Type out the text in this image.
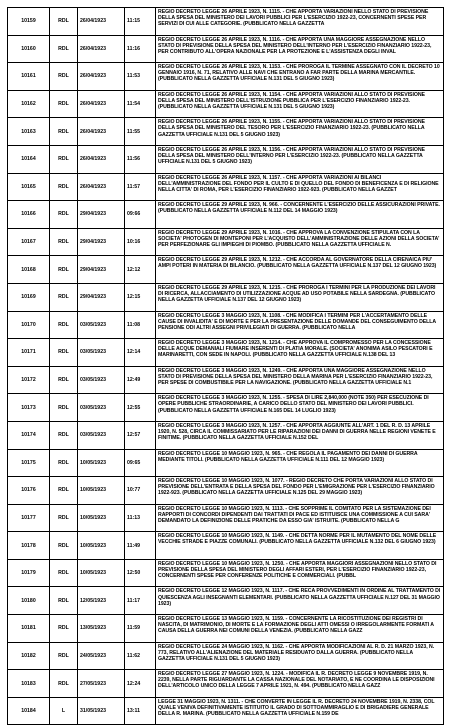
10159	RDL	26/04/1923	11:15	REGIO DECRETO LEGGE 26 APRILE 1923, N. 1115. - CHE APPORTA VARIAZIONI NELLO STATO DI PREVISIONE DELLA SPESA DEL MINISTERO DEI LAVORI PUBBLICI PER L'ESERCIZIO 1922-23, CONCERNENTI SPESE PER SERVIZI DI CUI ALLE CATEGORIE. (PUBBLICATO NELLA GAZZETTA
10160	RDL	26/04/1923	11:16	REGIO DECRETO LEGGE 26 APRILE 1923, N. 1116. - CHE APPORTA UNA MAGGIORE ASSEGNAZIONE NELLO STATO DI PREVISIONE DELLA SPESA DEL MINISTERO DELL'INTERNO PER L'ESERCIZIO FINANZIARIO 1922-23, PER CONTRIBUTO ALL'OPERA NAZIONALE PER LA PROTEZIONE E L'ASSISTENZA DEGLI INVAL
10161	RDL	26/04/1923	11:53	REGIO DECRETO LEGGE 26 APRILE 1923, N. 1153. - CHE PROROGA IL TERMINE ASSEGNATO CON IL DECRETO 10 GENNAIO 1916, N. 71, RELATIVO ALLE NAVI CHE ENTRANO A FAR PARTE DELLA MARINA MERCANTILE. (PUBBLICATO NELLA GAZZETTA UFFICIALE N.131 DEL 5 GIUGNO 1923)
10162	RDL	26/04/1923	11:54	REGIO DECRETO LEGGE 26 APRILE 1923, N. 1154. - CHE APPORTA VARIAZIONI ALLO STATO DI PREVISIONE DELLA SPESA DEL MINISTERO DELL'ISTRUZIONE PUBBLICA PER L'ESERCIZIO FINANZIARIO 1922-23. (PUBBLICATO NELLA GAZZETTA UFFICIALE N.131 DEL 5 GIUGNO 1923)
10163	RDL	26/04/1923	11:55	REGIO DECRETO LEGGE 26 APRILE 1923, N. 1155. - CHE APPORTA VARIAZIONI ALLO STATO DI PREVISIONE DELLA SPESA DEL MINISTERO DEL TESORO PER L'ESERCIZIO FINANZIARIO 1922-23. (PUBBLICATO NELLA GAZZETTA UFFICIALE N.131 DEL 5 GIUGNO 1923)
10164	RDL	26/04/1923	11:56	REGIO DECRETO LEGGE 26 APRILE 1923, N. 1156. - CHE APPORTA VARIAZIONI ALLO STATO DI PREVISIONE DELLA SPESA DEL MINISTERO DELL'INTERNO PER L'ESERCIZIO 1922-23. (PUBBLICATO NELLA GAZZETTA UFFICIALE N.131 DEL 5 GIUGNO 1923)
10165	RDL	26/04/1923	11:57	REGIO DECRETO LEGGE 26 APRILE 1923, N. 1157. - CHE APPORTA VARIAZIONI AI BILANCI DELL'AMMINISTRAZIONE DEL FONDO PER IL CULTO E DI QUELLO DEL FONDO DI BENEFICENZA E DI RELIGIONE NELLA CITTA' DI ROMA, PER L'ESERCIZIO FINANZIARIO 1922-923. (PUBBLICATO NELLA GAZZET
10166	RDL	29/04/1923	09:66	REGIO DECRETO LEGGE 29 APRILE 1923, N. 966. - CONCERNENTE L'ESERCIZIO DELLE ASSICURAZIONI PRIVATE. (PUBBLICATO NELLA GAZZETTA UFFICIALE N.112 DEL 14 MAGGIO 1923)
10167	RDL	29/04/1923	10:16	REGIO DECRETO LEGGE 29 APRILE 1923, N. 1016. - CHE APPROVA LA CONVENZIONE STIPULATA CON LA SOCIETA' PHOTOGEN DI MONTEPONI PER L'ACQUISTO DELL'AMMINISTRAZIONE DELLE AZIONI DELLA SOCIETA' PER PERFEZIONARE GLI IMPIEGHI DI PIOMBO. (PUBBLICATO NELLA GAZZETTA UFFICIALE N.
10168	RDL	29/04/1923	12:12	REGIO DECRETO LEGGE 29 APRILE 1923, N. 1212. - CHE ACCORDA AL GOVERNATORE DELLA CIRENAICA PIU' AMPI POTERI IN MATERIA DI BILANCIO. (PUBBLICATO NELLA GAZZETTA UFFICIALE N.137 DEL 12 GIUGNO 1923)
10169	RDL	29/04/1923	12:15	REGIO DECRETO LEGGE 29 APRILE 1923, N. 1215. - CHE PROROGA I TERMINI PER LA PRODUZIONE DEI LAVORI DI RICERCA, ALLACCIAMENTO DI UTILIZZAZIONE ACQUE AD USO POTABILE NELLA SARDEGNA. (PUBBLICATO NELLA GAZZETTA UFFICIALE N.137 DEL 12 GIUGNO 1923)
10170	RDL	03/05/1923	11:08	REGIO DECRETO LEGGE 3 MAGGIO 1923, N. 1108. - CHE MODIFICA I TERMINI PER L'ACCERTAMENTO DELLE CAUSE DI INVALIDITA' E DI MORTE E PER LA PRESENTAZIONE DELLE DOMANDE DEL CONSEGUIMENTO DELLA PENSIONE ODI ALTRI ASSEGNI PRIVILEGIATI DI GUERRA. (PUBBLICATO NELLA
10171	RDL	03/05/1923	12:14	REGIO DECRETO LEGGE 3 MAGGIO 1923, N. 1214. - CHE APPROVA IL COMPROMESSO PER LA CONCESSIONE DELLE ACQUE DEMANIALI FIUMARE INSERENTI DI PLATIA MORALE. (SOCIETA' ANONIMA ASILO PESCATORI E MARINARETTI, CON SEDE IN NAPOLI. (PUBBLICATO NELLA GAZZETTA UFFICIALE N.138 DEL 13
10172	RDL	03/05/1923	12:49	REGIO DECRETO LEGGE 3 MAGGIO 1923, N. 1249. - CHE APPORTA UNA MAGGIORE ASSEGNAZIONE NELLO STATO DI PREVISIONE DELLA SPESA DEL MINISTERO DELLA MARINA PER L'ESERCIZIO FINANZIARIO 1922-23, PER SPESE DI COMBUSTIBILE PER LA NAVIGAZIONE. (PUBBLICATO NELLA GAZZETTA UFFICIALE N.1
10173	RDL	03/05/1923	12:55	REGIO DECRETO LEGGE 3 MAGGIO 1923, N. 1255. - SPESA DI LIRE 2,840,000 (NOTE 350) PER ESECUZIONE DI OPERE PUBBLICHE STRAORDINARIE, A CARICO DELLO STATO DEL MINISTERO DEI LAVORI PUBBLICI. (PUBBLICATO NELLA GAZZETTA UFFICIALE N.165 DEL 14 LUGLIO 1923)
10174	RDL	03/05/1923	12:57	REGIO DECRETO LEGGE 3 MAGGIO 1923, N. 1257. - CHE APPORTA AGGIUNTE ALL'ART. 1 DEL R. D. 13 APRILE 1920, N. 528, CIRCA IL COMMISSARIATO PER LE RIPARAZIONI DEI DANNI DI GUERRA NELLE REGIONI VENETE E FINITIME. (PUBBLICATO NELLA GAZZETTA UFFICIALE N.152 DEL
10175	RDL	10/05/1923	09:65	REGIO DECRETO LEGGE 10 MAGGIO 1923, N. 965. - CHE REGOLA IL PAGAMENTO DEI DANNI DI GUERRA MEDIANTE TITOLI. (PUBBLICATO NELLA GAZZETTA UFFICIALE N.111 DEL 12 MAGGIO 1923)
10176	RDL	10/05/1923	10:77	REGIO DECRETO LEGGE 10 MAGGIO 1923, N. 1077. - REGIO DECRETO CHE PORTA VARIAZIONI ALLO STATO DI PREVISIONE DELL'ENTRATA E DELLA SPESA DEL FONDO PER L'EMIGRAZIONE PER L'ESERCIZIO FINANZIARIO 1922-923. (PUBBLICATO NELLA GAZZETTA UFFICIALE N.125 DEL 29 MAGGIO 1923)
10177	RDL	10/05/1923	11:13	REGIO DECRETO LEGGE 10 MAGGIO 1923, N. 1113. - CHE SOPPRIME IL COMITATO PER LA SISTEMAZIONE DEI RAPPORTI DI CONCORDI DIPENDENTI DAI TRATTATI DI PACE ED ISTITUISCE UNA COMMISSIONE A CUI SARA' DEMANDATO LA DEFINIZIONE DELLE PRATICHE DA ESSO GIA' ISTRUITE. (PUBBLICATO NELLA G
10178	RDL	10/05/1923	11:49	REGIO DECRETO LEGGE 10 MAGGIO 1923, N. 1149. - CHE DETTA NORME PER IL MUTAMENTO DEL NOME DELLE VECCHIE STRADE E PIAZZE COMUNALI. (PUBBLICATO NELLA GAZZETTA UFFICIALE N.132 DEL 6 GIUGNO 1923)
10179	RDL	10/05/1923	12:50	REGIO DECRETO LEGGE 10 MAGGIO 1923, N. 1250. - CHE APPORTA MAGGIORI ASSEGNAZIONI NELLO STATO DI PREVISIONE DELLA SPESA DEL MINISTERO DEGLI AFFARI ESTERI, PER L'ESERCIZIO FINANZIARIO 1922-23, CONCERNENTI SPESE PER CONFERENZE POLITICHE E COMMERCIALI. (PUBBL
10180	RDL	12/05/1923	11:17	REGIO DECRETO LEGGE 12 MAGGIO 1923, N. 1117. - CHE RECA PROVVEDIMENTI IN ORDINE AL TRATTAMENTO DI QUIESCENZA AGLI INSEGNANTI ELEMENTARI. (PUBBLICATO NELLA GAZZETTA UFFICIALE N.127 DEL 31 MAGGIO 1923)
10181	RDL	13/05/1923	11:59	REGIO DECRETO LEGGE 13 MAGGIO 1923, N. 1159. - CONCERNENTE LA RICOSTITUZIONE DEI REGISTRI DI NASCITA, DI MATRIMONIO, DI MORTE E LA FORMAZIONE DEGLI ATTI OMESSI O IRREGOLARMENTE FORMATI A CAUSA DELLA GUERRA NEI COMUNI DELLA VENEZIA. (PUBBLICATO NELLA GAZZ
10182	RDL	24/05/1923	11:62	REGIO DECRETO LEGGE 24 MAGGIO 1923, N. 1162. - CHE APPORTA MODIFICAZIONI AL R. D. 21 MARZO 1923, N. 773, RELATIVO ALL'ALIENAZIONE DEL MATERIALE RESIDUATO DALLA GUERRA. (PUBBLICATO NELLA GAZZETTA UFFICIALE N.131 DEL 5 GIUGNO 1923)
10183	RDL	27/05/1923	12:24	REGIO DECRETO LEGGE 27 MAGGIO 1923, N. 1224. - MODIFICA IL R. DECRETO LEGGE 9 NOVEMBRE 1919, N. 2239, NELLA PARTE RIGUARDANTE LA CASSA NAZIONALE DEL NOTARIATO, E NE COORDINA LE DISPOSIZIONI DELL'ARTICOLO UNICO DELLA LEGGE 7 APRILE 1921, N. 494. (PUBBLICATO NELLA GAZZ
10184	L	31/05/1923	13:11	LEGGE 31 MAGGIO 1923, N. 1311. - CHE CONVERTE IN LEGGE IL R. DECRETO 24 NOVEMBRE 1919, N. 2338, COL QUALE VENIVA DEFINITIVAMENTE ISTITUITO IL GRADO DI SOTTOAMMIRAGLIO E DI BRIGADIERE GENERALE DELLA R. MARINA. (PUBBLICATO NELLA GAZZETTA UFFICIALE N.159 DE
